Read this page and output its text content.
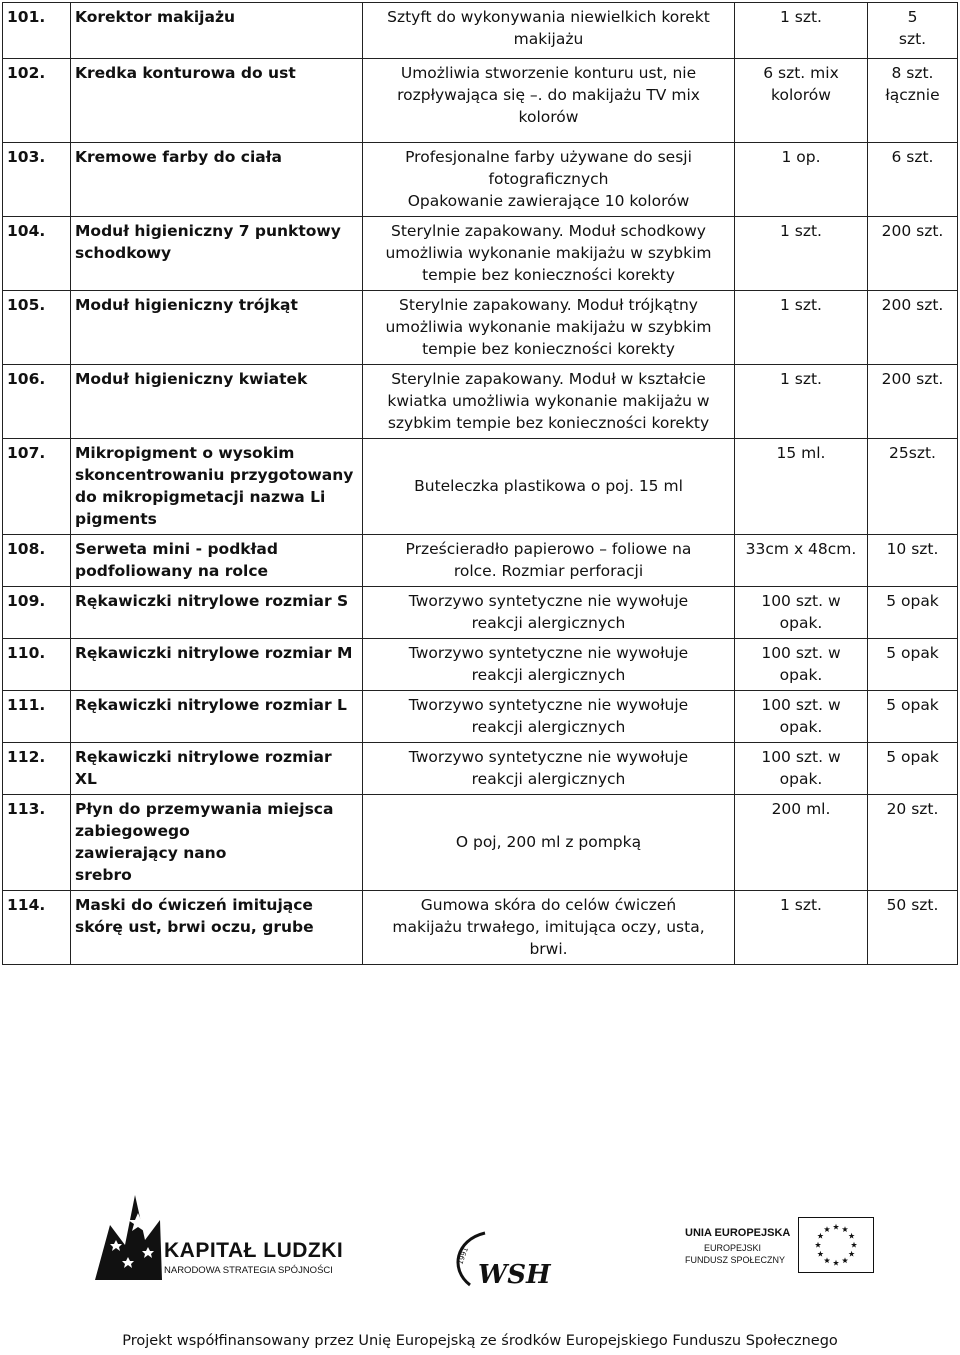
101.	Korektor makijażu	Sztyft do wykonywania niewielkich korekt
makijażu	1 szt.	5
szt.

102.	Kredka konturowa do ust	Umożliwia stworzenie konturu ust, nie
rozpływająca się –. do makijażu TV mix
kolorów	6 szt. mix
kolorów	8 szt.
łącznie

103.	Kremowe farby do ciała	Profesjonalne farby używane do sesji
fotograficznych
Opakowanie zawierające 10 kolorów	1 op.	6 szt.

104.	Moduł higieniczny 7 punktowy
schodkowy	Sterylnie zapakowany. Moduł schodkowy
umożliwia wykonanie makijażu w szybkim
tempie bez konieczności korekty	1 szt.	200 szt.

105.	Moduł higieniczny trójkąt	Sterylnie zapakowany. Moduł trójkątny
umożliwia wykonanie makijażu w szybkim
tempie bez konieczności korekty	1 szt.	200 szt.

106.	Moduł higieniczny kwiatek	Sterylnie zapakowany. Moduł w kształcie
kwiatka umożliwia wykonanie makijażu w
szybkim tempie bez konieczności korekty	1 szt.	200 szt.

107.	Mikropigment o wysokim
skoncentrowaniu przygotowany
do mikropigmetacji nazwa Li
pigments	Buteleczka plastikowa o poj. 15 ml	15 ml.	25szt.

108.	Serweta mini - podkład
podfoliowany na rolce	Prześcieradło papierowo – foliowe na
rolce. Rozmiar perforacji	33cm x 48cm.	10 szt.

109.	Rękawiczki nitrylowe rozmiar S	Tworzywo syntetyczne nie wywołuje
reakcji alergicznych	100 szt. w
opak.	5 opak

110.	Rękawiczki nitrylowe rozmiar M	Tworzywo syntetyczne nie wywołuje
reakcji alergicznych	100 szt. w
opak.	5 opak

111.	Rękawiczki nitrylowe rozmiar L	Tworzywo syntetyczne nie wywołuje
reakcji alergicznych	100 szt. w
opak.	5 opak

112.	Rękawiczki nitrylowe rozmiar XL	Tworzywo syntetyczne nie wywołuje
reakcji alergicznych	100 szt. w
opak.	5 opak

113.	Płyn do przemywania miejsca
zabiegowego
zawierający nano
srebro	O poj, 200 ml z pompką	200 ml.	20 szt.

114.	Maski do ćwiczeń imitujące
skórę ust, brwi oczu, grube	Gumowa skóra do celów ćwiczeń
makijażu trwałego, imitująca oczy, usta,
brwi.	1 szt.	50 szt.
KAPITAŁ LUDZKI
NARODOWA STRATEGIA SPÓJNOŚCI	WSH
1991
UNIA EUROPEJSKA
EUROPEJSKI
FUNDUSZ SPOŁECZNY
Projekt współfinansowany przez Unię Europejską ze środków Europejskiego Funduszu Społecznego
